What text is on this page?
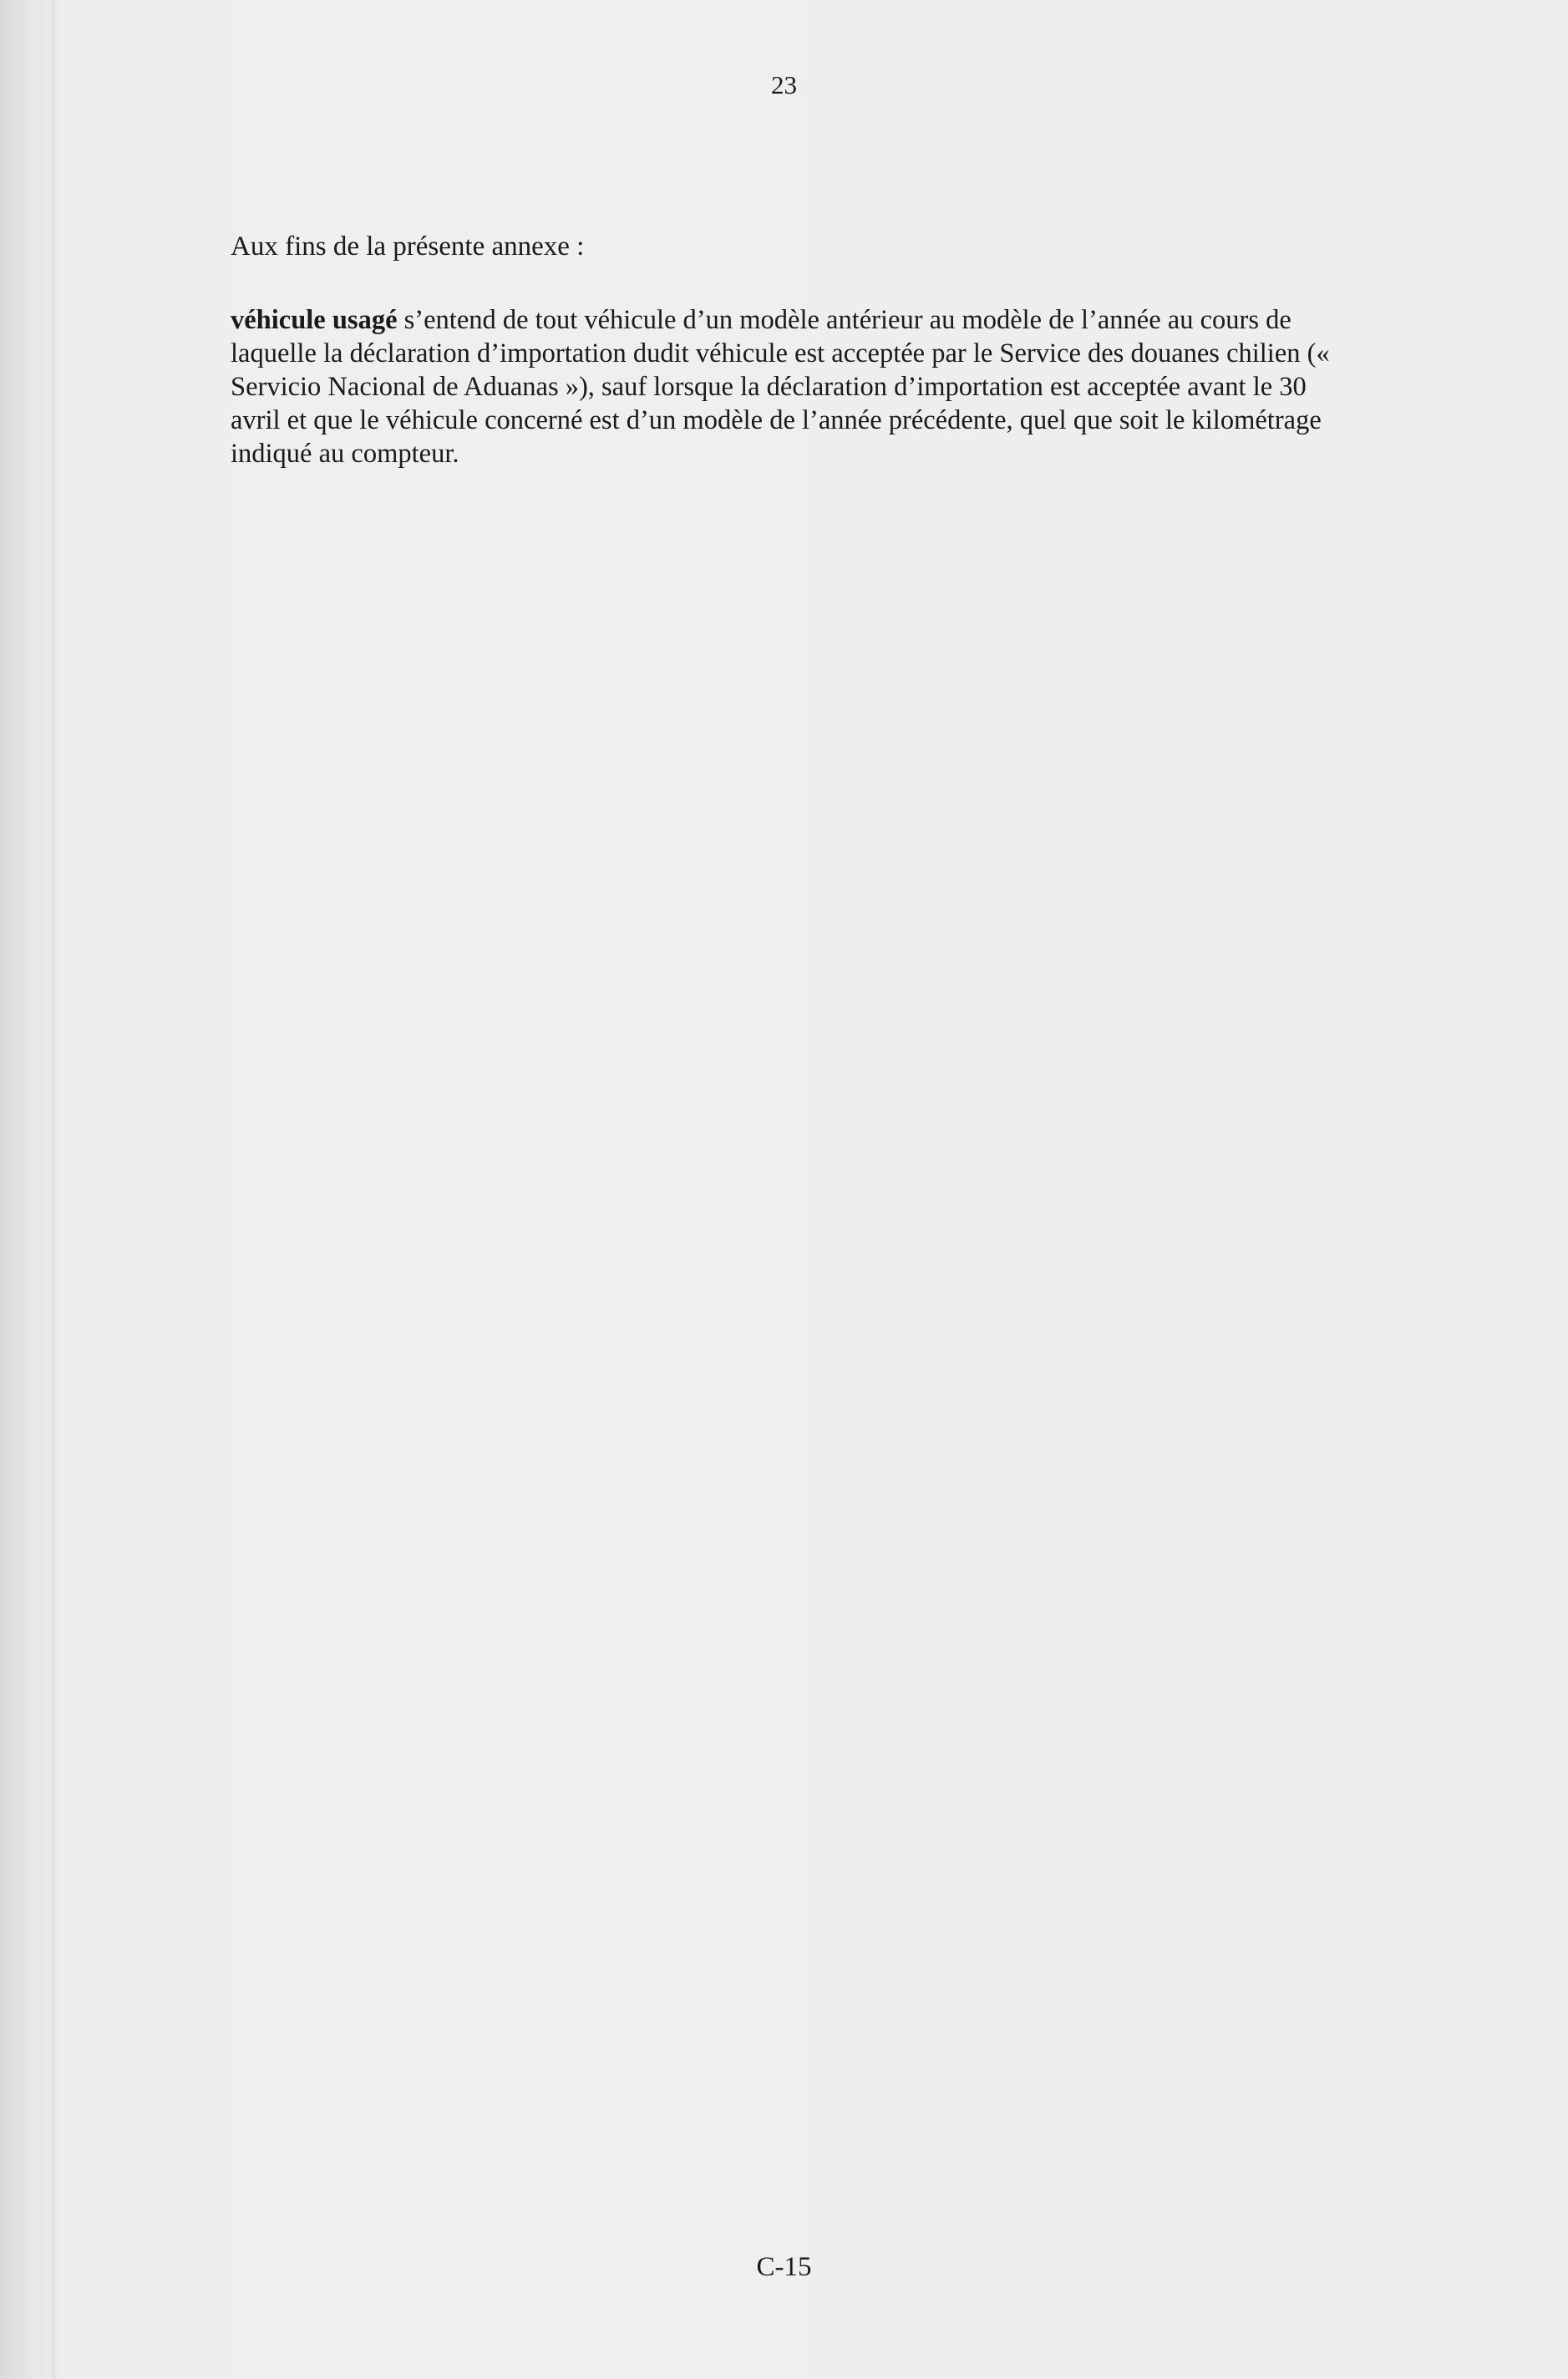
23

Aux fins de la présente annexe :

véhicule usagé s’entend de tout véhicule d’un modèle antérieur au modèle de l’année au cours de laquelle la déclaration d’importation dudit véhicule est acceptée par le Service des douanes chilien (« Servicio Nacional de Aduanas »), sauf lorsque la déclaration d’importation est acceptée avant le 30 avril et que le véhicule concerné est d’un modèle de l’année précédente, quel que soit le kilométrage indiqué au compteur.

C-15
